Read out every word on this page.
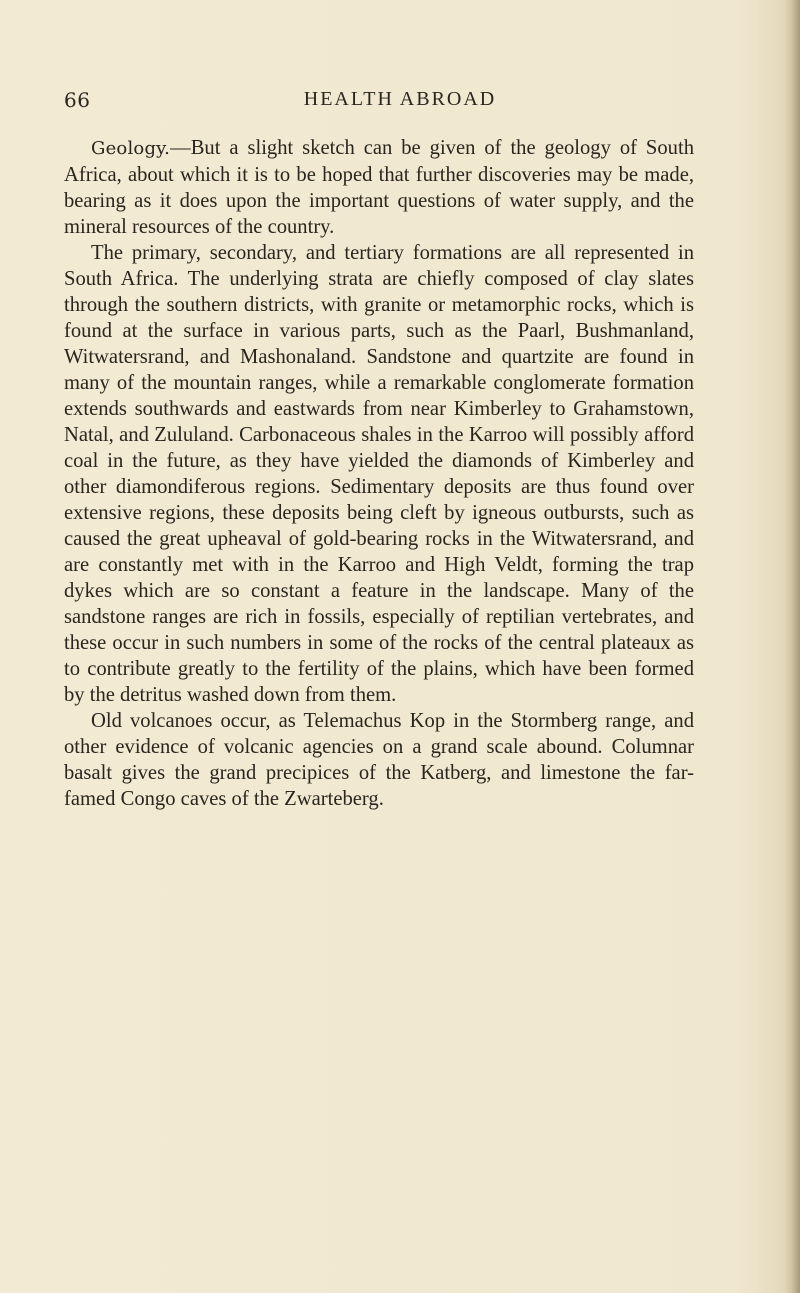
66	HEALTH ABROAD

Geology.—But a slight sketch can be given of the geology of South Africa, about which it is to be hoped that further discoveries may be made, bearing as it does upon the important questions of water supply, and the mineral resources of the country.

The primary, secondary, and tertiary formations are all represented in South Africa. The underlying strata are chiefly composed of clay slates through the southern districts, with granite or metamorphic rocks, which is found at the surface in various parts, such as the Paarl, Bushmanland, Witwatersrand, and Mashonaland. Sandstone and quartzite are found in many of the mountain ranges, while a remarkable conglomerate formation extends southwards and eastwards from near Kimberley to Grahamstown, Natal, and Zululand. Carbonaceous shales in the Karroo will possibly afford coal in the future, as they have yielded the diamonds of Kimberley and other diamondiferous regions. Sedimentary deposits are thus found over extensive regions, these deposits being cleft by igneous outbursts, such as caused the great upheaval of gold-bearing rocks in the Witwatersrand, and are constantly met with in the Karroo and High Veldt, forming the trap dykes which are so constant a feature in the landscape. Many of the sandstone ranges are rich in fossils, especially of reptilian vertebrates, and these occur in such numbers in some of the rocks of the central plateaux as to contribute greatly to the fertility of the plains, which have been formed by the detritus washed down from them.

Old volcanoes occur, as Telemachus Kop in the Stormberg range, and other evidence of volcanic agencies on a grand scale abound. Columnar basalt gives the grand precipices of the Katberg, and limestone the far-famed Congo caves of the Zwarteberg.
